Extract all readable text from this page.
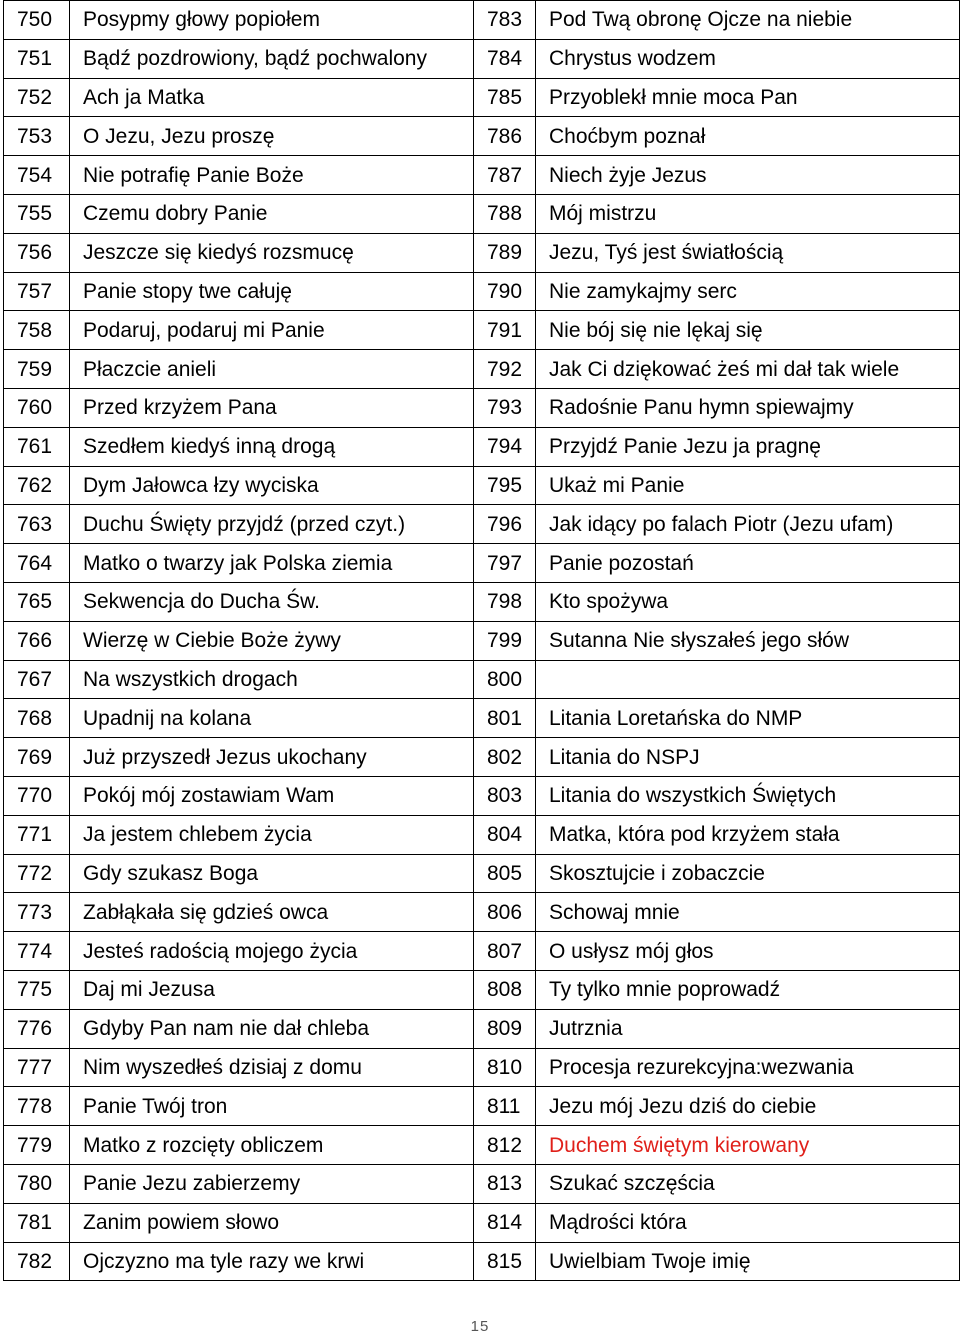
750	Posypmy głowy popiołem	783	Pod Twą obronę Ojcze na niebie
751	Bądź pozdrowiony, bądź pochwalony	784	Chrystus wodzem
752	Ach ja Matka	785	Przyoblekł mnie moca Pan
753	O Jezu, Jezu proszę	786	Choćbym poznał
754	Nie potrafię Panie Boże	787	Niech żyje Jezus
755	Czemu dobry Panie	788	Mój mistrzu
756	Jeszcze się kiedyś rozsmucę	789	Jezu, Tyś jest światłością
757	Panie stopy twe całuję	790	Nie zamykajmy serc
758	Podaruj, podaruj mi Panie	791	Nie bój się nie lękaj się
759	Płaczcie anieli	792	Jak Ci dziękować żeś mi dał tak wiele
760	Przed krzyżem Pana	793	Radośnie Panu hymn spiewajmy
761	Szedłem kiedyś inną drogą	794	Przyjdź Panie Jezu ja pragnę
762	Dym Jałowca łzy wyciska	795	Ukaż mi Panie
763	Duchu Święty przyjdź (przed czyt.)	796	Jak idący po falach Piotr (Jezu ufam)
764	Matko o twarzy jak Polska ziemia	797	Panie pozostań
765	Sekwencja do Ducha Św.	798	Kto spożywa
766	Wierzę w Ciebie Boże żywy	799	Sutanna Nie słyszałeś jego słów
767	Na wszystkich drogach	800	
768	Upadnij na kolana	801	Litania Loretańska do NMP
769	Już przyszedł Jezus ukochany	802	Litania do NSPJ
770	Pokój mój zostawiam Wam	803	Litania do wszystkich Świętych
771	Ja jestem chlebem życia	804	Matka, która pod krzyżem stała
772	Gdy szukasz Boga	805	Skosztujcie i zobaczcie
773	Zabłąkała się gdzieś owca	806	Schowaj mnie
774	Jesteś radością mojego życia	807	O usłysz mój głos
775	Daj mi Jezusa	808	Ty tylko mnie poprowadź
776	Gdyby Pan nam nie dał chleba	809	Jutrznia
777	Nim wyszedłeś dzisiaj z domu	810	Procesja rezurekcyjna:wezwania
778	Panie Twój tron	811	Jezu mój Jezu dziś do ciebie
779	Matko z rozcięty obliczem	812	Duchem świętym kierowany
780	Panie Jezu zabierzemy	813	Szukać szczęścia
781	Zanim powiem słowo	814	Mądrości która
782	Ojczyzno ma tyle razy we krwi	815	Uwielbiam Twoje imię
15
